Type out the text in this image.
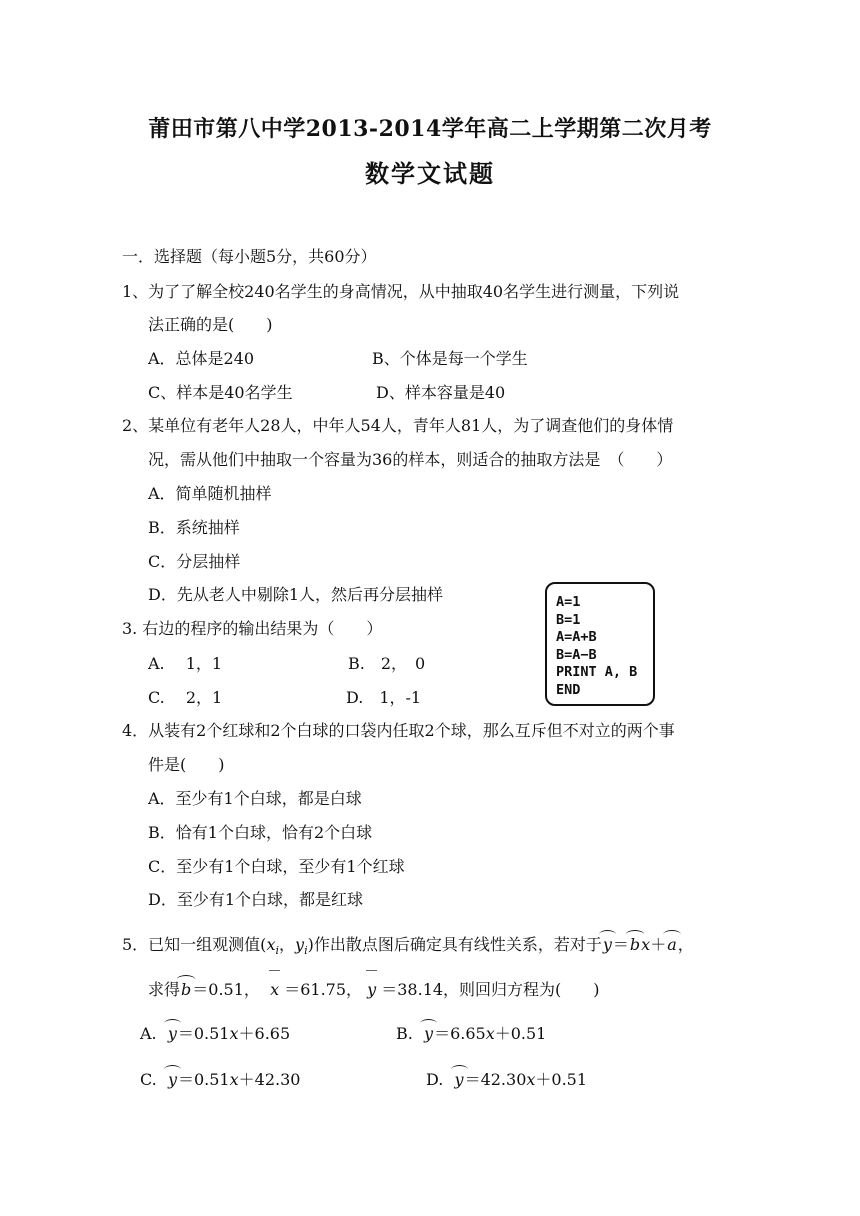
莆田市第八中学2013-2014学年高二上学期第二次月考
数学文试题
一．选择题（每小题5分，共60分）
1、为了了解全校240名学生的身高情况，从中抽取40名学生进行测量，下列说
法正确的是(　　)
A．总体是240	B、个体是每一个学生
C、样本是40名学生	D、样本容量是40
2、某单位有老年人28人，中年人54人，青年人81人，为了调查他们的身体情
况，需从他们中抽取一个容量为36的样本，则适合的抽取方法是　（　　）
A．简单随机抽样
B．系统抽样
C．分层抽样
D．先从老人中剔除1人，然后再分层抽样
3. 右边的程序的输出结果为（　　）
A.　 1，1	B.　2，　0
C.　 2，1	D.　1，-1
A=1
B=1
A=A+B
B=A−B
PRINT A, B
END
4．从装有2个红球和2个白球的口袋内任取2个球，那么互斥但不对立的两个事
件是(　　)
A．至少有1个白球，都是白球
B．恰有1个白球，恰有2个白球
C．至少有1个白球，至少有1个红球
D．至少有1个白球，都是红球
5．已知一组观测值($x_i$，$y_i$)作出散点图后确定具有线性关系，若对于y＝bx＋a，
求得b＝0.51， x ＝61.75， y ＝38.14，则回归方程为(　　)
A. y＝0.51x＋6.65	B. y＝6.65x＋0.51
C. y＝0.51x＋42.30	D. y＝42.30x＋0.51
